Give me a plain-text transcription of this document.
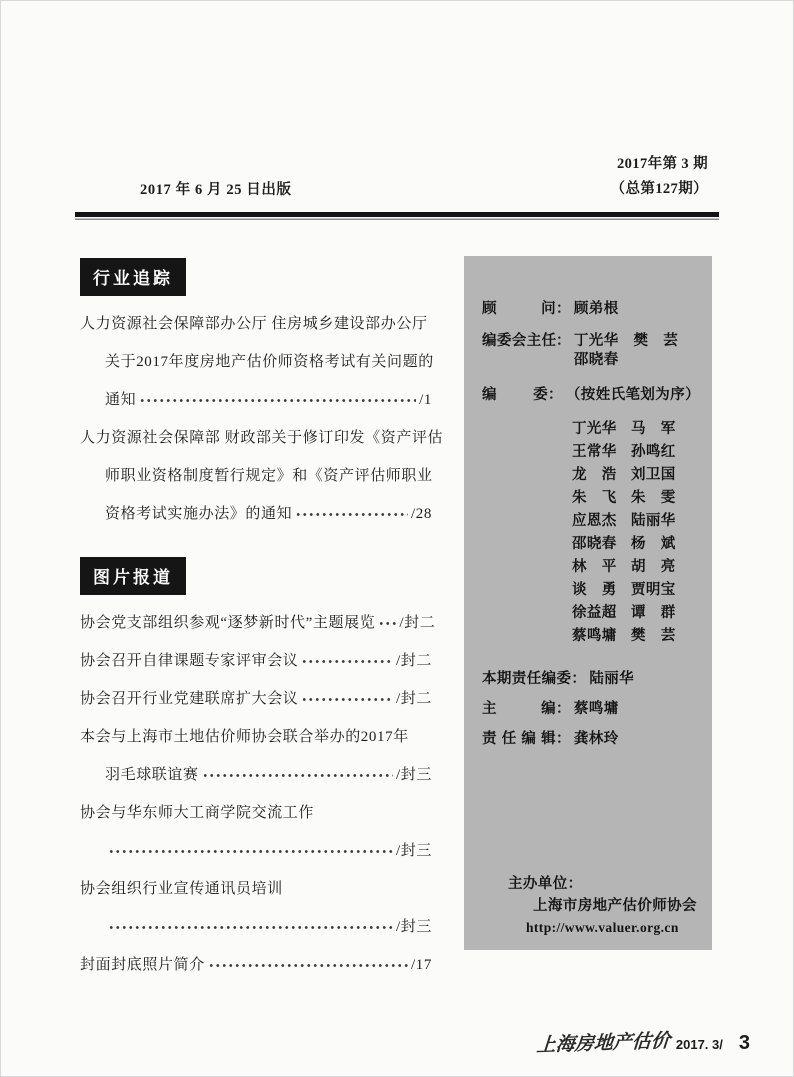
2017 年 6 月 25 日出版
2017年第 3 期
（总第127期）
行业追踪
人力资源社会保障部办公厅 住房城乡建设部办公厅
关于2017年度房地产估价师资格考试有关问题的
通知	/1
人力资源社会保障部 财政部关于修订印发《资产评估
师职业资格制度暂行规定》和《资产评估师职业
资格考试实施办法》的通知	/28
图片报道
协会党支部组织参观“逐梦新时代”主题展览 /封二
协会召开自律课题专家评审会议	/封二
协会召开行业党建联席扩大会议	/封二
本会与上海市土地估价师协会联合举办的2017年
羽毛球联谊赛	/封三
协会与华东师大工商学院交流工作
/封三
协会组织行业宣传通讯员培训
/封三
封面封底照片简介	/17
顾问 ： 顾弟根
编委会主任 ： 丁光华　樊　芸
邵晓春
编委 ： （按姓氏笔划为序）
丁光华 马　军
王常华 孙鸣红
龙　浩 刘卫国
朱　飞 朱　雯
应恩杰 陆丽华
邵晓春 杨　斌
林　平 胡　亮
谈　勇 贾明宝
徐益超 谭　群
蔡鸣墉 樊　芸
本期责任编委 ： 陆丽华
主编 ： 蔡鸣墉
责任编辑 ： 龚林玲
主办单位：
上海市房地产估价师协会
http://www.valuer.org.cn
上海房地产估价 2017. 3/ 3
